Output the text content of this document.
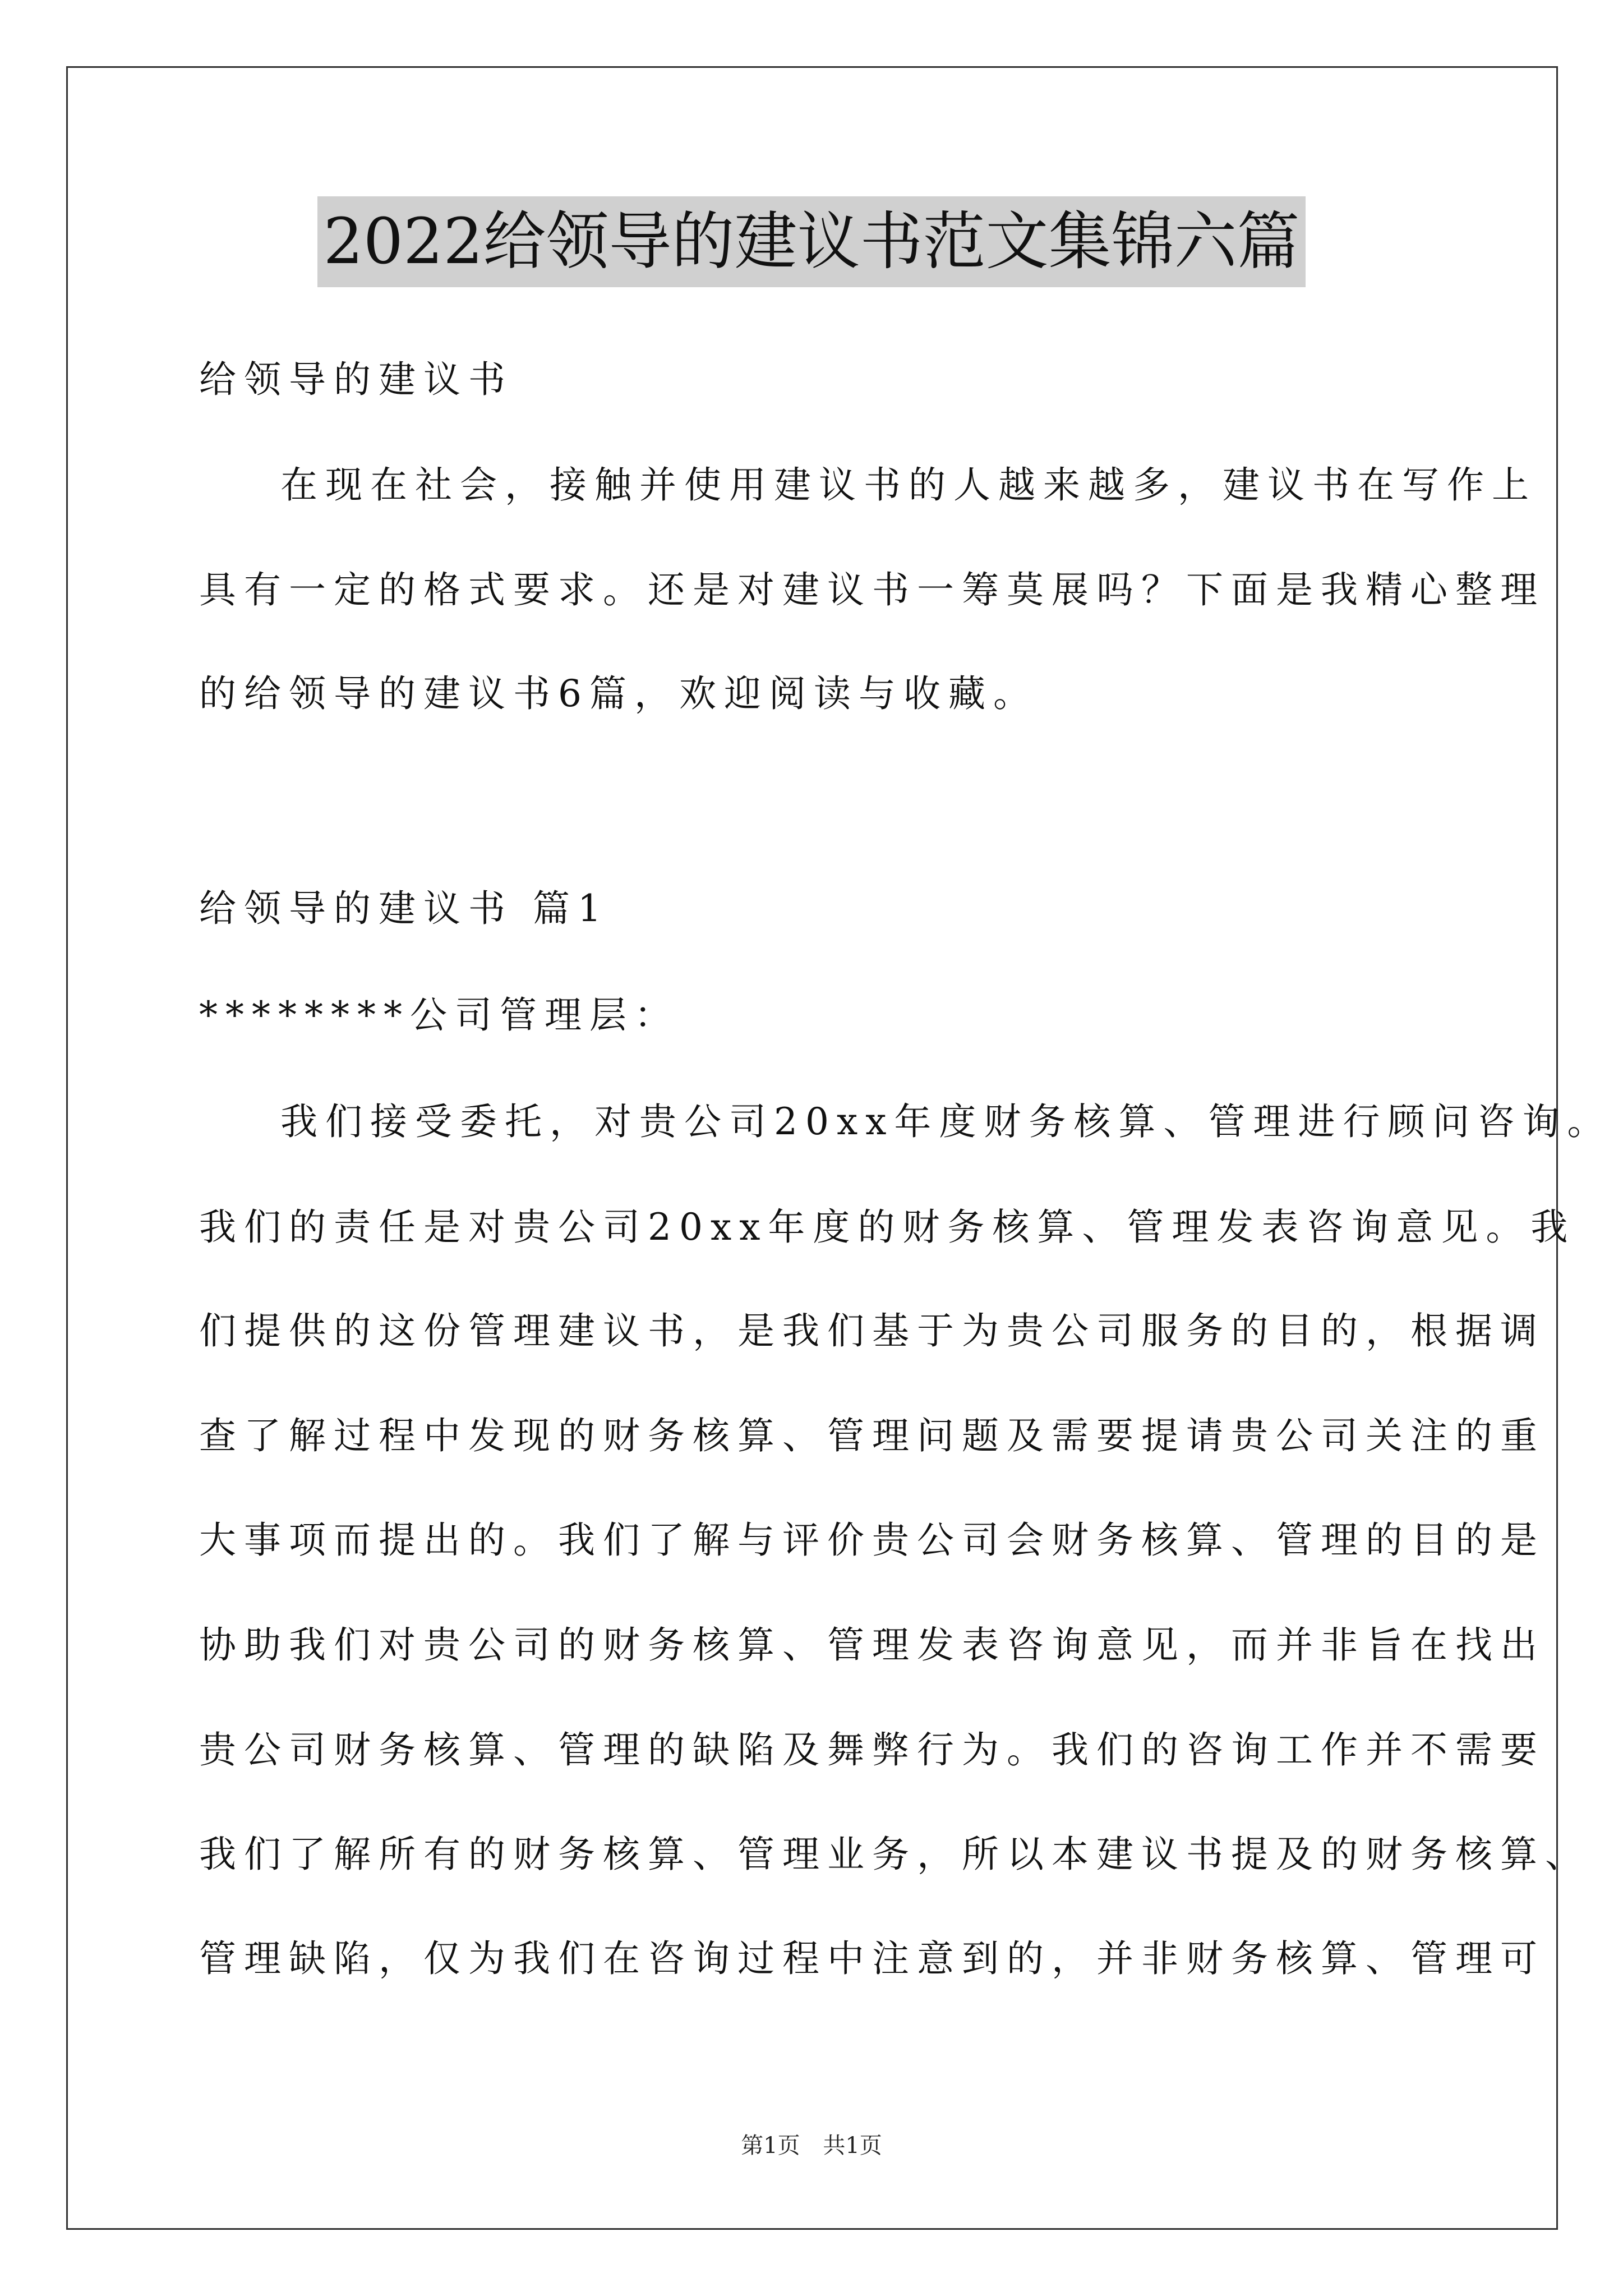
2022给领导的建议书范文集锦六篇
给领导的建议书
在现在社会，接触并使用建议书的人越来越多，建议书在写作上
具有一定的格式要求。还是对建议书一筹莫展吗？下面是我精心整理
的给领导的建议书6篇，欢迎阅读与收藏。
给领导的建议书 篇1
********公司管理层：
我们接受委托，对贵公司20xx年度财务核算、管理进行顾问咨询。
我们的责任是对贵公司20xx年度的财务核算、管理发表咨询意见。我
们提供的这份管理建议书，是我们基于为贵公司服务的目的，根据调
查了解过程中发现的财务核算、管理问题及需要提请贵公司关注的重
大事项而提出的。我们了解与评价贵公司会财务核算、管理的目的是
协助我们对贵公司的财务核算、管理发表咨询意见，而并非旨在找出
贵公司财务核算、管理的缺陷及舞弊行为。我们的咨询工作并不需要
我们了解所有的财务核算、管理业务，所以本建议书提及的财务核算、
管理缺陷，仅为我们在咨询过程中注意到的，并非财务核算、管理可
第1页 共1页
